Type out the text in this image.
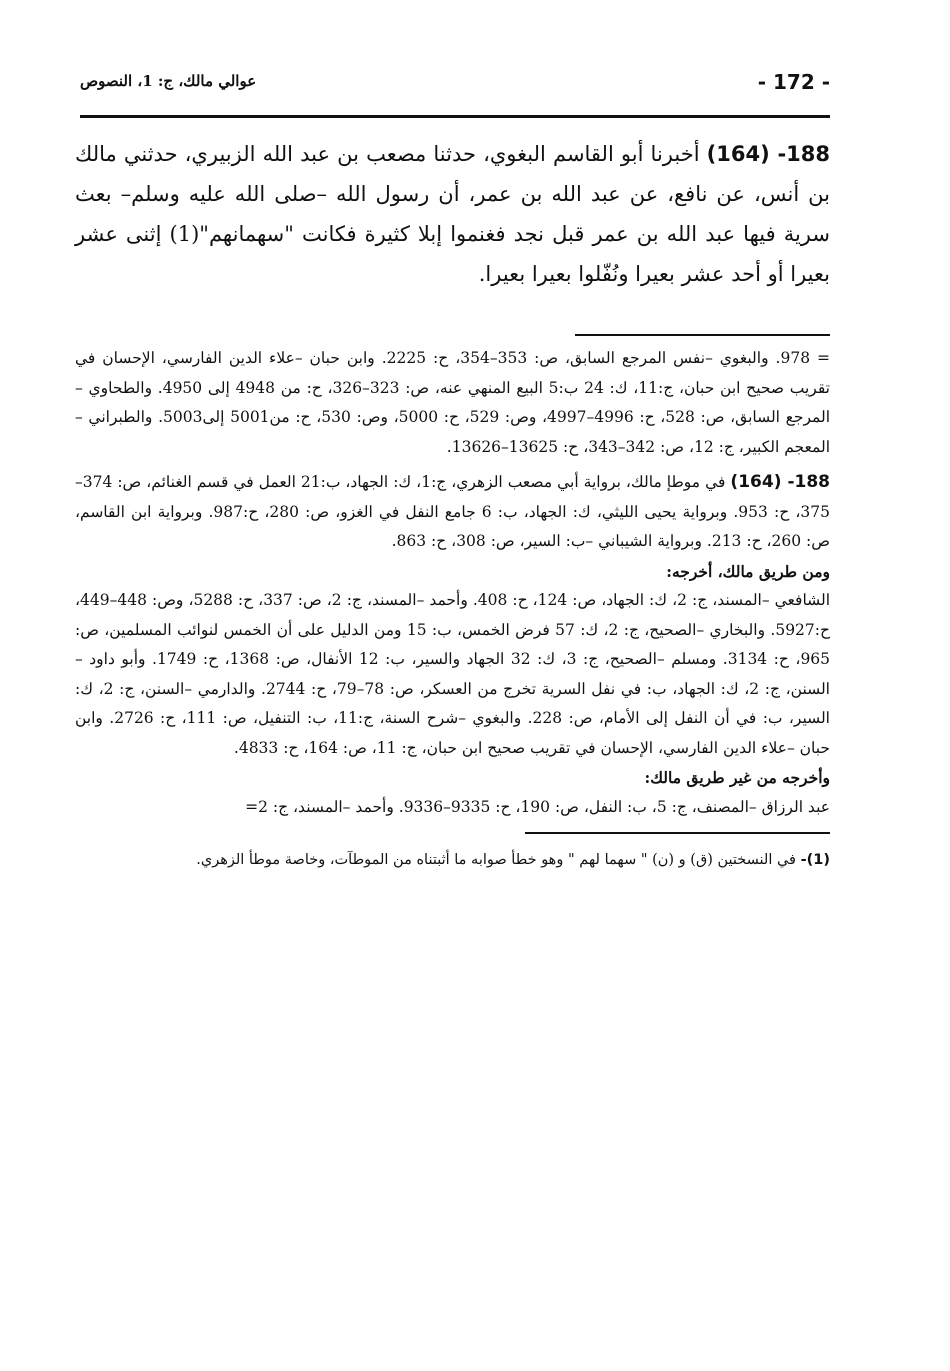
- 172 -
عوالي مالك، ج: 1، النصوص

188- (164) أخبرنا أبو القاسم البغوي، حدثنا مصعب بن عبد الله الزبيري، حدثني مالك بن أنس، عن نافع، عن عبد الله بن عمر، أن رسول الله –صلى الله عليه وسلم– بعث سرية فيها عبد الله بن عمر قبل نجد فغنموا إبلا كثيرة فكانت "سهمانهم"(1) إثنى عشر بعيرا أو أحد عشر بعيرا ونُفّلوا بعيرا بعيرا.

= 978. والبغوي –نفس المرجع السابق، ص: 353–354، ح: 2225. وابن حبان –علاء الدين الفارسي، الإحسان في تقريب صحيح ابن حبان، ج:11، ك: 24 ب:5 البيع المنهي عنه، ص: 323–326، ح: من 4948 إلى 4950. والطحاوي –المرجع السابق، ص: 528، ح: 4996–4997، وص: 529، ح: 5000، وص: 530، ح: من5001 إلى5003. والطبراني –المعجم الكبير، ج: 12، ص: 342–343، ح: 13625–13626.

188- (164) في موطإ مالك، برواية أبي مصعب الزهري، ج:1، ك: الجهاد، ب:21 العمل في قسم الغنائم، ص: 374–375، ح: 953. وبرواية يحيى الليثي، ك: الجهاد، ب: 6 جامع النفل في الغزو، ص: 280، ح:987. وبرواية ابن القاسم، ص: 260، ح: 213. وبرواية الشيباني –ب: السير، ص: 308، ح: 863.

ومن طريق مالك، أخرجه:

الشافعي –المسند، ج: 2، ك: الجهاد، ص: 124، ح: 408. وأحمد –المسند، ج: 2، ص: 337، ح: 5288، وص: 448–449، ح:5927. والبخاري –الصحيح، ج: 2، ك: 57 فرض الخمس، ب: 15 ومن الدليل على أن الخمس لنوائب المسلمين، ص: 965، ح: 3134. ومسلم –الصحيح، ج: 3، ك: 32 الجهاد والسير، ب: 12 الأنفال، ص: 1368، ح: 1749. وأبو داود –السنن، ج: 2، ك: الجهاد، ب: في نفل السرية تخرج من العسكر، ص: 78–79، ح: 2744. والدارمي –السنن، ج: 2، ك: السير، ب: في أن النفل إلى الأمام، ص: 228. والبغوي –شرح السنة، ج:11، ب: التنفيل، ص: 111، ح: 2726. وابن حبان –علاء الدين الفارسي، الإحسان في تقريب صحيح ابن حبان، ج: 11، ص: 164، ح: 4833.

وأخرجه من غير طريق مالك:

عبد الرزاق –المصنف، ج: 5، ب: النفل، ص: 190، ح: 9335–9336. وأحمد –المسند، ج: 2=

(1)- في النسختين (ق) و (ن) " سهما لهم " وهو خطأ صوابه ما أثبتناه من الموطآت، وخاصة موطأ الزهري.
